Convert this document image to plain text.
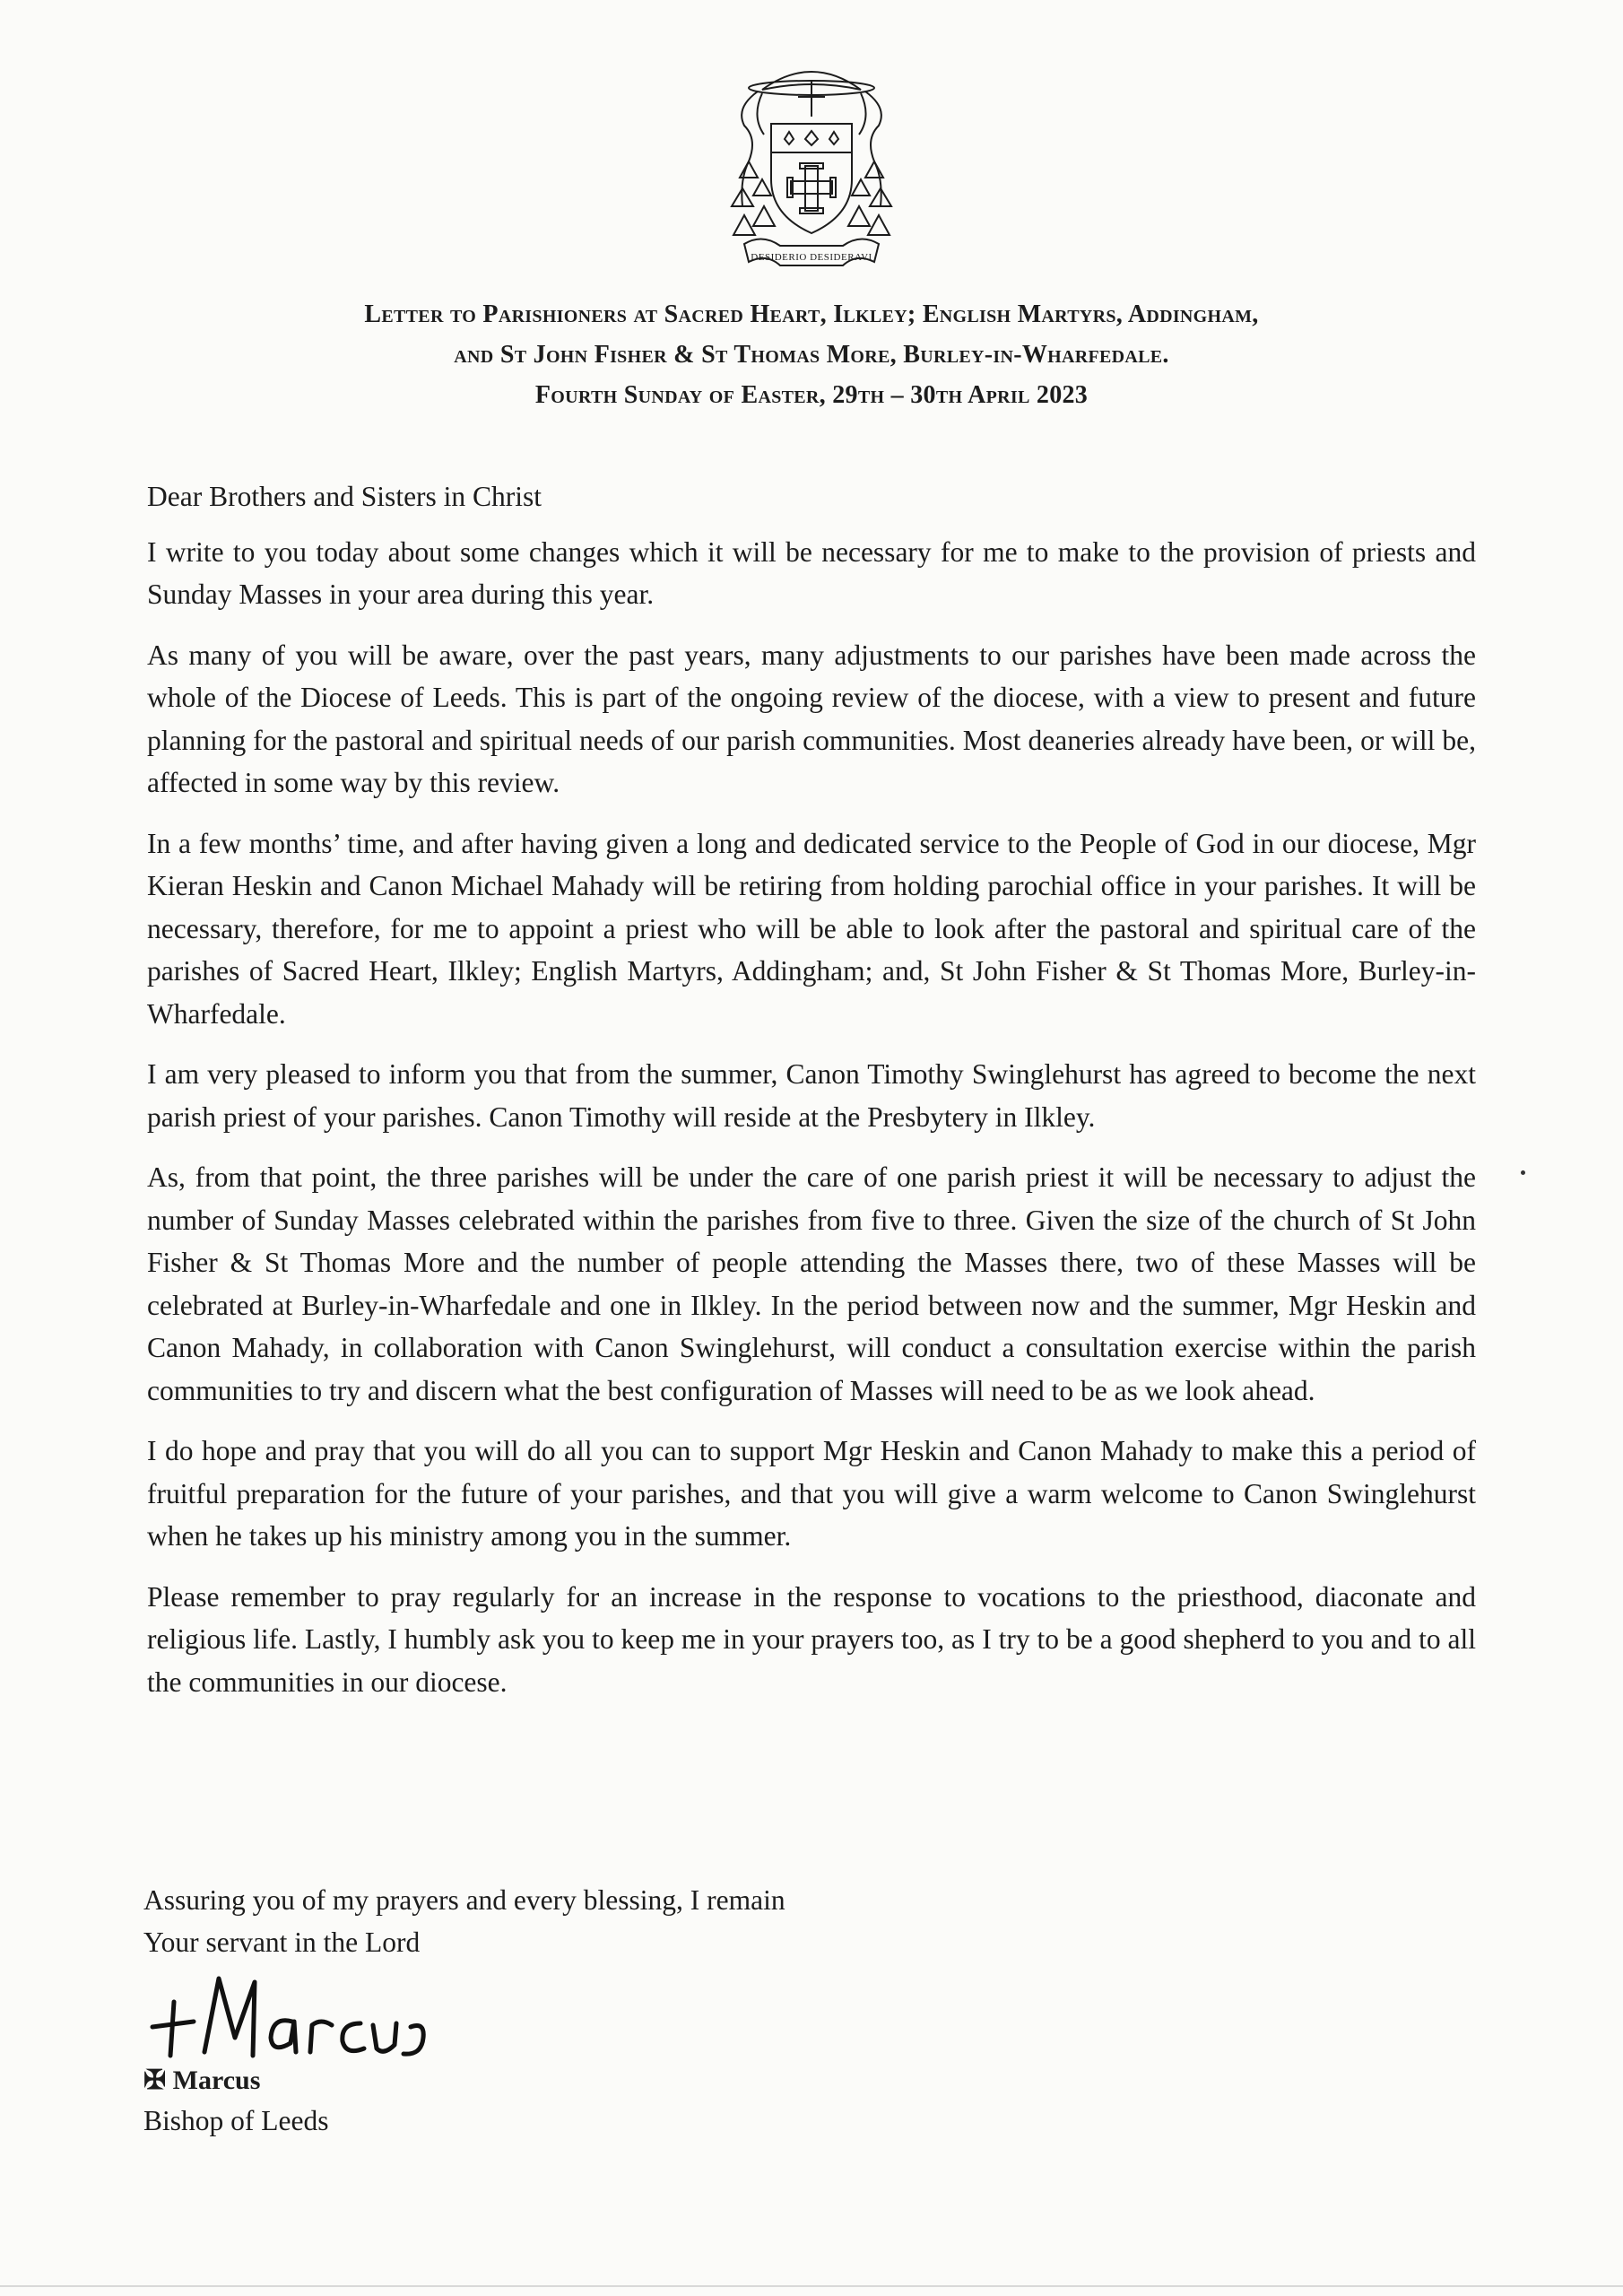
DESIDERIO DESIDERAVI
Letter to Parishioners at Sacred Heart, Ilkley; English Martyrs, Addingham,
and St John Fisher & St Thomas More, Burley-in-Wharfedale.
Fourth Sunday of Easter, 29th – 30th April 2023

Dear Brothers and Sisters in Christ

I write to you today about some changes which it will be necessary for me to make to the provision of priests and Sunday Masses in your area during this year.

As many of you will be aware, over the past years, many adjustments to our parishes have been made across the whole of the Diocese of Leeds. This is part of the ongoing review of the diocese, with a view to present and future planning for the pastoral and spiritual needs of our parish communities. Most deaneries already have been, or will be, affected in some way by this review.

In a few months’ time, and after having given a long and dedicated service to the People of God in our diocese, Mgr Kieran Heskin and Canon Michael Mahady will be retiring from holding parochial office in your parishes. It will be necessary, therefore, for me to appoint a priest who will be able to look after the pastoral and spiritual care of the parishes of Sacred Heart, Ilkley; English Martyrs, Addingham; and, St John Fisher & St Thomas More, Burley-in-Wharfedale.

I am very pleased to inform you that from the summer, Canon Timothy Swinglehurst has agreed to become the next parish priest of your parishes. Canon Timothy will reside at the Presbytery in Ilkley.

As, from that point, the three parishes will be under the care of one parish priest it will be necessary to adjust the number of Sunday Masses celebrated within the parishes from five to three. Given the size of the church of St John Fisher & St Thomas More and the number of people attending the Masses there, two of these Masses will be celebrated at Burley-in-Wharfedale and one in Ilkley. In the period between now and the summer, Mgr Heskin and Canon Mahady, in collaboration with Canon Swinglehurst, will conduct a consultation exercise within the parish communities to try and discern what the best configuration of Masses will need to be as we look ahead.

I do hope and pray that you will do all you can to support Mgr Heskin and Canon Mahady to make this a period of fruitful preparation for the future of your parishes, and that you will give a warm welcome to Canon Swinglehurst when he takes up his ministry among you in the summer.

Please remember to pray regularly for an increase in the response to vocations to the priesthood, diaconate and religious life. Lastly, I humbly ask you to keep me in your prayers too, as I try to be a good shepherd to you and to all the communities in our diocese.

Assuring you of my prayers and every blessing, I remain
Your servant in the Lord
✠ Marcus
Bishop of Leeds
